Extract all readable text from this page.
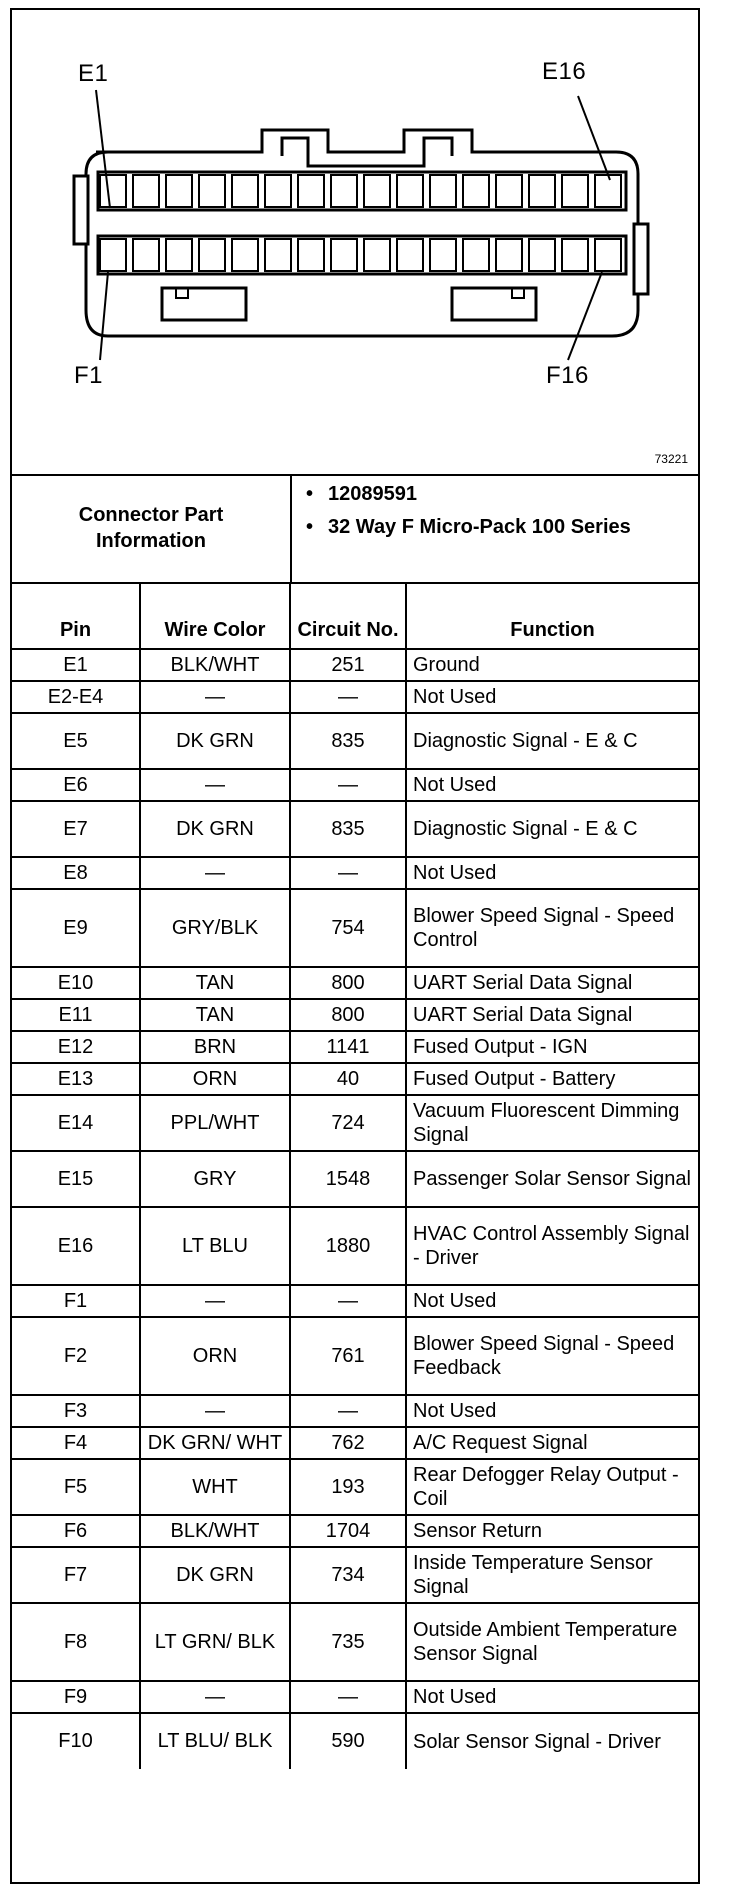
E1	E16
F1	F16
73221
Connector Part Information
• 12089591
• 32 Way F Micro-Pack 100 Series
Pin	Wire Color	Circuit No.	Function
E1	BLK/WHT	251	Ground
E2-E4	—	—	Not Used
E5	DK GRN	835	Diagnostic Signal - E & C
E6	—	—	Not Used
E7	DK GRN	835	Diagnostic Signal - E & C
E8	—	—	Not Used
E9	GRY/BLK	754	Blower Speed Signal - Speed Control
E10	TAN	800	UART Serial Data Signal
E11	TAN	800	UART Serial Data Signal
E12	BRN	1141	Fused Output - IGN
E13	ORN	40	Fused Output - Battery
E14	PPL/WHT	724	Vacuum Fluorescent Dimming Signal
E15	GRY	1548	Passenger Solar Sensor Signal
E16	LT BLU	1880	HVAC Control Assembly Signal - Driver
F1	—	—	Not Used
F2	ORN	761	Blower Speed Signal - Speed Feedback
F3	—	—	Not Used
F4	DK GRN/ WHT	762	A/C Request Signal
F5	WHT	193	Rear Defogger Relay Output - Coil
F6	BLK/WHT	1704	Sensor Return
F7	DK GRN	734	Inside Temperature Sensor Signal
F8	LT GRN/ BLK	735	Outside Ambient Temperature Sensor Signal
F9	—	—	Not Used
F10	LT BLU/ BLK	590	Solar Sensor Signal - Driver
